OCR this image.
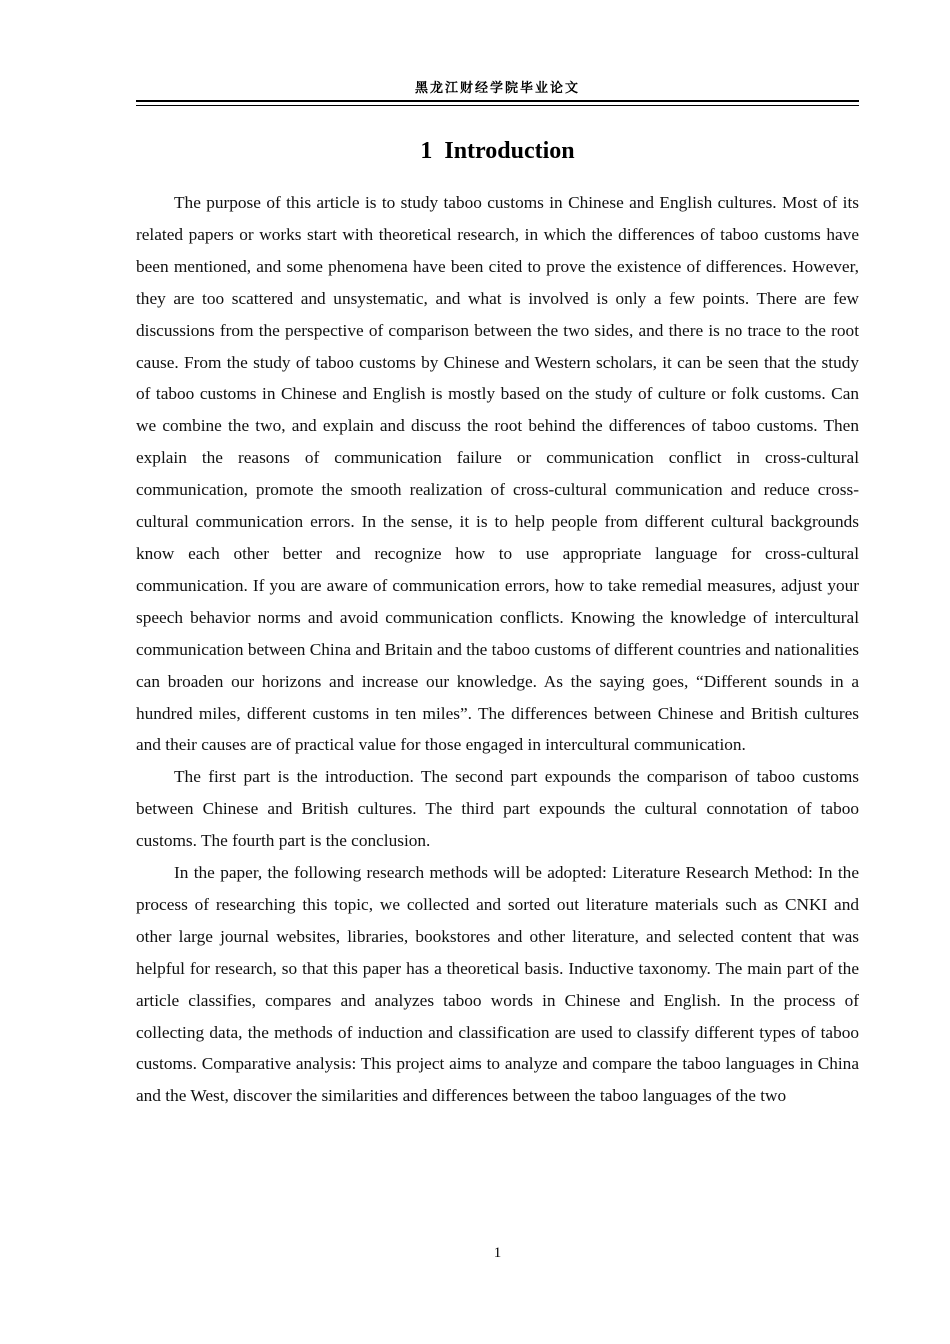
黑龙江财经学院毕业论文
1  Introduction

The purpose of this article is to study taboo customs in Chinese and English cultures. Most of its related papers or works start with theoretical research, in which the differences of taboo customs have been mentioned, and some phenomena have been cited to prove the existence of differences. However, they are too scattered and unsystematic, and what is involved is only a few points. There are few discussions from the perspective of comparison between the two sides, and there is no trace to the root cause. From the study of taboo customs by Chinese and Western scholars, it can be seen that the study of taboo customs in Chinese and English is mostly based on the study of culture or folk customs. Can we combine the two, and explain and discuss the root behind the differences of taboo customs. Then explain the reasons of communication failure or communication conflict in cross-cultural communication, promote the smooth realization of cross-cultural communication and reduce cross-cultural communication errors. In the sense, it is to help people from different cultural backgrounds know each other better and recognize how to use appropriate language for cross-cultural communication. If you are aware of communication errors, how to take remedial measures, adjust your speech behavior norms and avoid communication conflicts. Knowing the knowledge of intercultural communication between China and Britain and the taboo customs of different countries and nationalities can broaden our horizons and increase our knowledge. As the saying goes, “Different sounds in a hundred miles, different customs in ten miles”. The differences between Chinese and British cultures and their causes are of practical value for those engaged in intercultural communication.

The first part is the introduction. The second part expounds the comparison of taboo customs between Chinese and British cultures. The third part expounds the cultural connotation of taboo customs. The fourth part is the conclusion.

In the paper, the following research methods will be adopted: Literature Research Method: In the process of researching this topic, we collected and sorted out literature materials such as CNKI and other large journal websites, libraries, bookstores and other literature, and selected content that was helpful for research, so that this paper has a theoretical basis. Inductive taxonomy. The main part of the article classifies, compares and analyzes taboo words in Chinese and English. In the process of collecting data, the methods of induction and classification are used to classify different types of taboo customs. Comparative analysis: This project aims to analyze and compare the taboo languages in China and the West, discover the similarities and differences between the taboo languages of the two

1
